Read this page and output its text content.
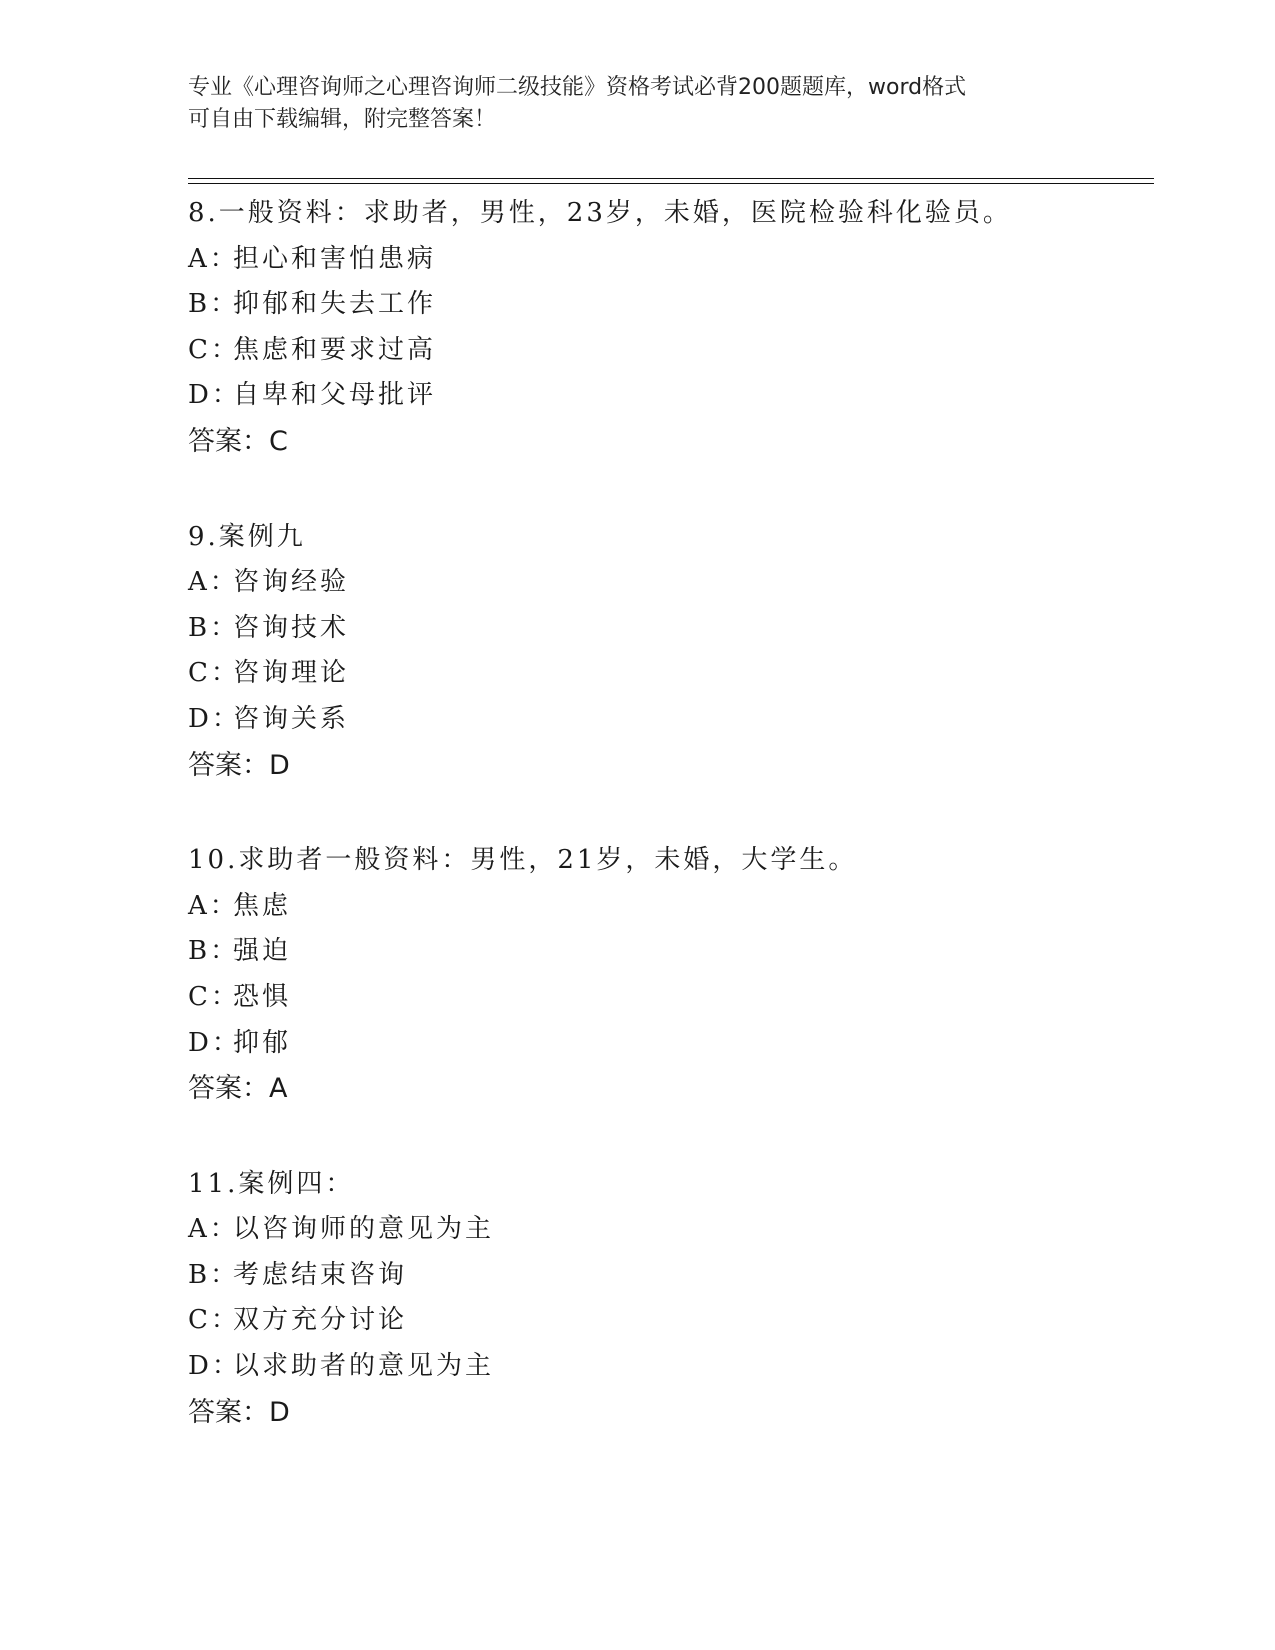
专业《心理咨询师之心理咨询师二级技能》资格考试必背200题题库，word格式
可自由下载编辑，附完整答案！
8.一般资料：求助者，男性，23岁，未婚，医院检验科化验员。
A：担心和害怕患病
B：抑郁和失去工作
C：焦虑和要求过高
D：自卑和父母批评
答案：C
9.案例九
A：咨询经验
B：咨询技术
C：咨询理论
D：咨询关系
答案：D
10.求助者一般资料：男性，21岁，未婚，大学生。
A：焦虑
B：强迫
C：恐惧
D：抑郁
答案：A
11.案例四：
A：以咨询师的意见为主
B：考虑结束咨询
C：双方充分讨论
D：以求助者的意见为主
答案：D
